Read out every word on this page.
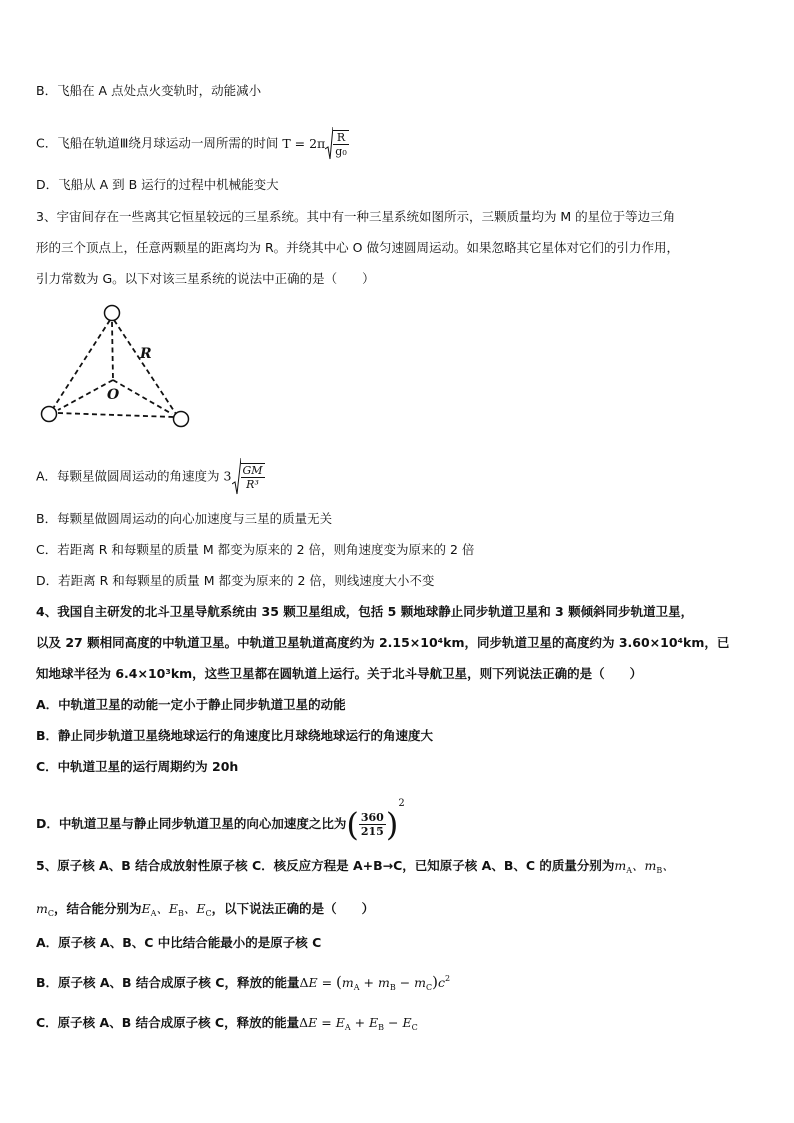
B．飞船在 A 点处点火变轨时，动能减小
C．飞船在轨道Ⅲ绕月球运动一周所需的时间 $T = 2\pi \frac{R}{\text{g₀}}$
D．飞船从 A 到 B 运行的过程中机械能变大
3、宇宙间存在一些离其它恒星较远的三星系统。其中有一种三星系统如图所示，三颗质量均为 M 的星位于等边三角
形的三个顶点上，任意两颗星的距离均为 R。并绕其中心 O 做匀速圆周运动。如果忽略其它星体对它们的引力作用，
引力常数为 G。以下对该三星系统的说法中正确的是（　　）
R
O
A．每颗星做圆周运动的角速度为 $3 \frac{GM}{\text{R³}}$
B．每颗星做圆周运动的向心加速度与三星的质量无关
C．若距离 R 和每颗星的质量 M 都变为原来的 2 倍，则角速度变为原来的 2 倍
D．若距离 R 和每颗星的质量 M 都变为原来的 2 倍，则线速度大小不变
4、我国自主研发的北斗卫星导航系统由 35 颗卫星组成，包括 5 颗地球静止同步轨道卫星和 3 颗倾斜同步轨道卫星，
以及 27 颗相同高度的中轨道卫星。中轨道卫星轨道高度约为 2.15×10⁴km，同步轨道卫星的高度约为 3.60×10⁴km，已
知地球半径为 6.4×10³km，这些卫星都在圆轨道上运行。关于北斗导航卫星，则下列说法正确的是（　　）
A．中轨道卫星的动能一定小于静止同步轨道卫星的动能
B．静止同步轨道卫星绕地球运行的角速度比月球绕地球运行的角速度大
C．中轨道卫星的运行周期约为 20h
D．中轨道卫星与静止同步轨道卫星的向心加速度之比为( $\frac{360}{215} )^2$
5、原子核 A、B 结合成放射性原子核 C．核反应方程是 A+B→C，已知原子核 A、B、C 的质量分别为$m_A$、$m_B$、
$m_C$，结合能分别为$E_A$、$E_B$、$E_C$，以下说法正确的是（　　）
A．原子核 A、B、C 中比结合能最小的是原子核 C
B．原子核 A、B 结合成原子核 C，释放的能量$\Delta E = (m_A + m_B - m_C)c^2$
C．原子核 A、B 结合成原子核 C，释放的能量$\Delta E = E_A + E_B - E_C$
